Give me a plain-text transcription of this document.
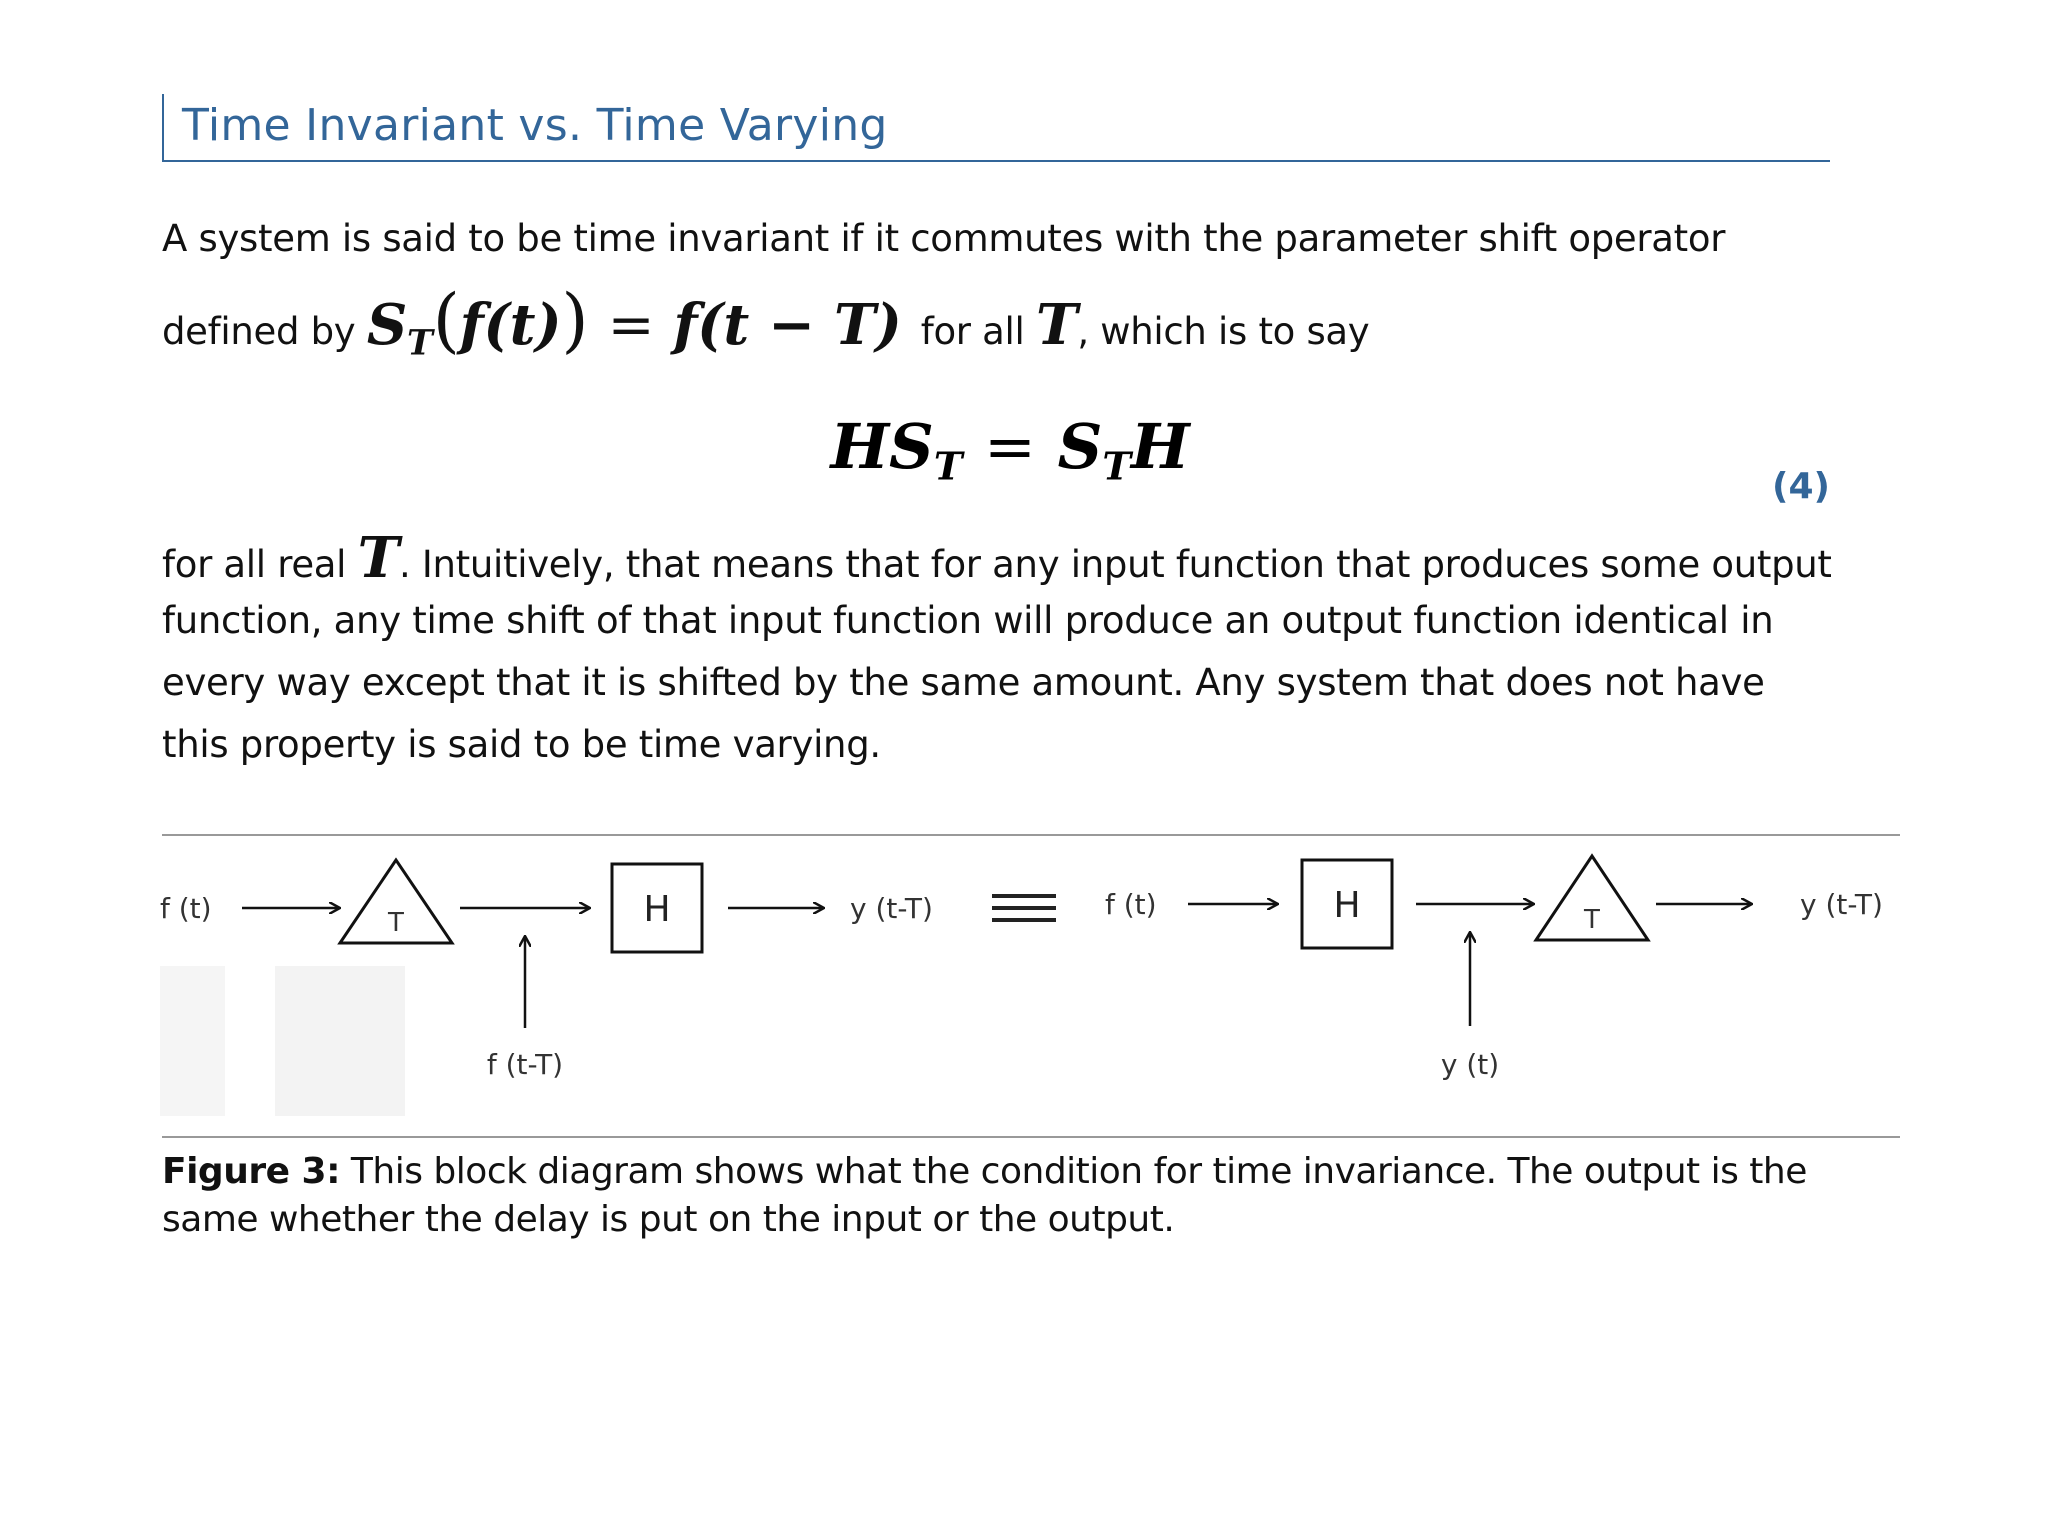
Time Invariant vs. Time Varying
A system is said to be time invariant if it commutes with the parameter shift operator
defined by $S_T(f(t)) = f(t - T)$ for all T, which is to say
$HS_T = S_TH$
(4)
for all real T. Intuitively, that means that for any input function that produces some output
function, any time shift of that input function will produce an output function identical in
every way except that it is shifted by the same amount. Any system that does not have
this property is said to be time varying.
f (t)	T
f (t-T)
H	y (t-T)	f (t)	H
y (t)
T	y (t-T)
Figure 3: This block diagram shows what the condition for time invariance. The output is the same whether the delay is put on the input or the output.
